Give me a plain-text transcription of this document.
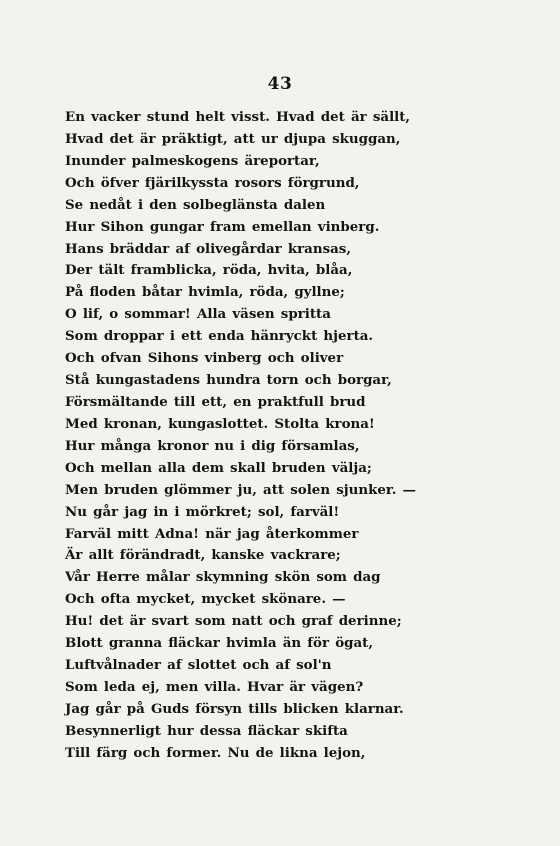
43
En vacker stund helt visst. Hvad det är sällt,
Hvad det är präktigt, att ur djupa skuggan,
Inunder palmeskogens äreportar,
Och öfver fjärilkyssta rosors förgrund,
Se nedåt i den solbeglänsta dalen
Hur Sihon gungar fram emellan vinberg.
Hans bräddar af olivegårdar kransas,
Der tält framblicka, röda, hvita, blåa,
På floden båtar hvimla, röda, gyllne;
O lif, o sommar! Alla väsen spritta
Som droppar i ett enda hänryckt hjerta.
Och ofvan Sihons vinberg och oliver
Stå kungastadens hundra torn och borgar,
Försmältande till ett, en praktfull brud
Med kronan, kungaslottet. Stolta krona!
Hur många kronor nu i dig församlas,
Och mellan alla dem skall bruden välja;
Men bruden glömmer ju, att solen sjunker. —
Nu går jag in i mörkret; sol, farväl!
Farväl mitt Adna! när jag återkommer
Är allt förändradt, kanske vackrare;
Vår Herre målar skymning skön som dag
Och ofta mycket, mycket skönare. —
Hu! det är svart som natt och graf derinne;
Blott granna fläckar hvimla än för ögat,
Luftvålnader af slottet och af sol'n
Som leda ej, men villa. Hvar är vägen?
Jag går på Guds försyn tills blicken klarnar.
Besynnerligt hur dessa fläckar skifta
Till färg och former. Nu de likna lejon,
